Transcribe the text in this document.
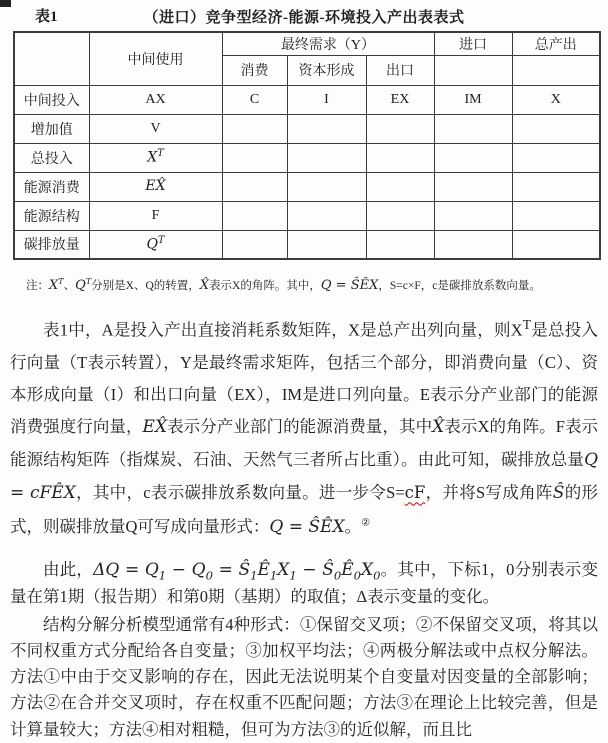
表1	（进口）竞争型经济-能源-环境投入产出表表式
	中间使用	最终需求（Y）			进口	总产出
		消费	资本形成	出口		
中间投入	AX	C	I	EX	IM	X
增加值	V					
总投入	$X^T$					
能源消费	EX̂					
能源结构	F					
碳排放量	$Q^T$					

注：$X^T$、$Q^T$分别是X、Q的转置，X̂表示X的角阵。其中，Q = ŜÊX，S=c×F，c是碳排放系数向量。

表1中，A是投入产出直接消耗系数矩阵，X是总产出列向量，则$X^T$是总投入行向量（T表示转置），Y是最终需求矩阵，包括三个部分，即消费向量（C）、资本形成向量（I）和出口向量（EX），IM是进口列向量。E表示分产业部门的能源消费强度行向量，EX̂表示分产业部门的能源消费量，其中X̂表示X的角阵。F表示能源结构矩阵（指煤炭、石油、天然气三者所占比重）。由此可知，碳排放总量Q = cFÊX，其中，c表示碳排放系数向量。进一步令S=cF，并将S写成角阵Ŝ的形式，则碳排放量Q可写成向量形式：Q = ŜÊX。②

由此，$\Delta Q = Q_1 - Q_0$ = $Ŝ_1Ê_1X_1$ − $Ŝ_0Ê_0X_0$。其中，下标1，0分别表示变量在第1期（报告期）和第0期（基期）的取值；Δ表示变量的变化。

结构分解分析模型通常有4种形式：①保留交叉项；②不保留交叉项，将其以不同权重方式分配给各自变量；③加权平均法；④两极分解法或中点权分解法。方法①中由于交叉影响的存在，因此无法说明某个自变量对因变量的全部影响；方法②在合并交叉项时，存在权重不匹配问题；方法③在理论上比较完善，但是计算量较大；方法④相对粗糙，但可为方法③的近似解，而且比
